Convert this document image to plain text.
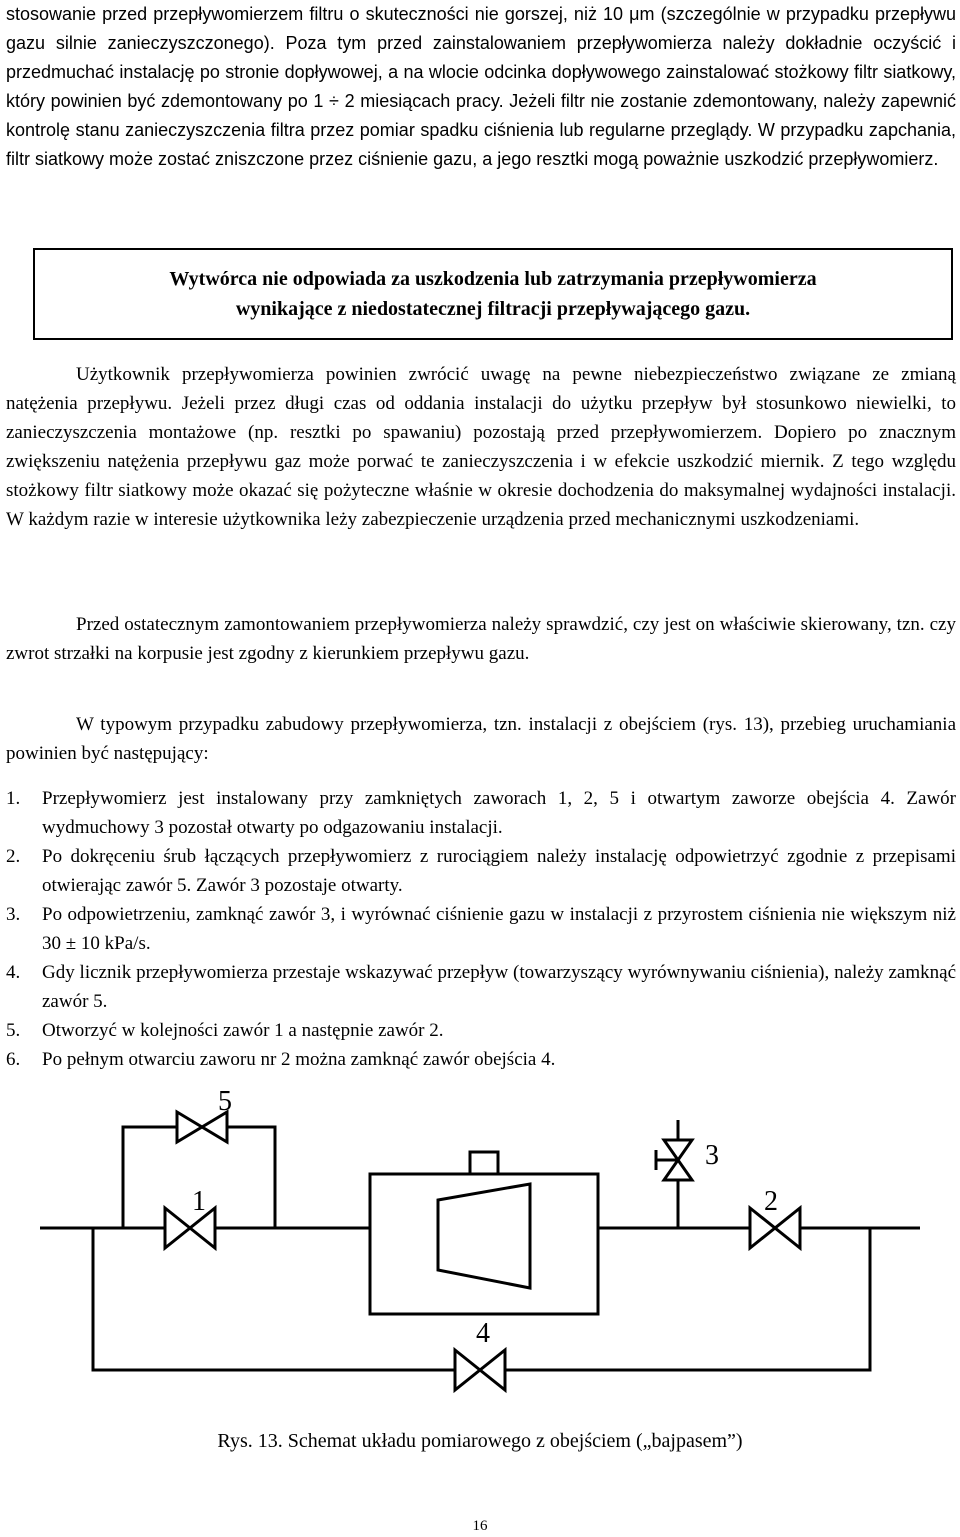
stosowanie przed przepływomierzem filtru o skuteczności nie gorszej, niż 10 μm (szczególnie w przypadku przepływu gazu silnie zanieczyszczonego). Poza tym przed zainstalowaniem przepływomierza należy dokładnie oczyścić i przedmuchać instalację po stronie dopływowej, a na wlocie odcinka dopływowego zainstalować stożkowy filtr siatkowy, który powinien być zdemontowany po 1 ÷ 2 miesiącach pracy. Jeżeli filtr nie zostanie zdemontowany, należy zapewnić kontrolę stanu zanieczyszczenia filtra przez pomiar spadku ciśnienia lub regularne przeglądy. W przypadku zapchania, filtr siatkowy może zostać zniszczone przez ciśnienie gazu, a jego resztki mogą poważnie uszkodzić przepływomierz.

Wytwórca nie odpowiada za uszkodzenia lub zatrzymania przepływomierza
wynikające z niedostatecznej filtracji przepływającego gazu.

Użytkownik przepływomierza powinien zwrócić uwagę na pewne niebezpieczeństwo związane ze zmianą natężenia przepływu. Jeżeli przez długi czas od oddania instalacji do użytku przepływ był stosunkowo niewielki, to zanieczyszczenia montażowe (np. resztki po spawaniu) pozostają przed przepływomierzem. Dopiero po znacznym zwiększeniu natężenia przepływu gaz może porwać te zanieczyszczenia i w efekcie uszkodzić miernik. Z tego względu stożkowy filtr siatkowy może okazać się pożyteczne właśnie w okresie dochodzenia do maksymalnej wydajności instalacji. W każdym razie w interesie użytkownika leży zabezpieczenie urządzenia przed mechanicznymi uszkodzeniami.

Przed ostatecznym zamontowaniem przepływomierza należy sprawdzić, czy jest on właściwie skierowany, tzn. czy zwrot strzałki na korpusie jest zgodny z kierunkiem przepływu gazu.

W typowym przypadku zabudowy przepływomierza, tzn. instalacji z obejściem (rys. 13), przebieg uruchamiania powinien być następujący:

1. Przepływomierz jest instalowany przy zamkniętych zaworach 1, 2, 5 i otwartym zaworze obejścia 4. Zawór wydmuchowy 3 pozostał otwarty po odgazowaniu instalacji.
2. Po dokręceniu śrub łączących przepływomierz z rurociągiem należy instalację odpowietrzyć zgodnie z przepisami otwierając zawór 5. Zawór 3 pozostaje otwarty.
3. Po odpowietrzeniu, zamknąć zawór 3, i wyrównać ciśnienie gazu w instalacji z przyrostem ciśnienia nie większym niż 30 ± 10 kPa/s.
4. Gdy licznik przepływomierza przestaje wskazywać przepływ (towarzyszący wyrównywaniu ciśnienia), należy zamknąć zawór 5.
5. Otworzyć w kolejności zawór 1 a następnie zawór 2.
6. Po pełnym otwarciu zaworu nr 2 można zamknąć zawór obejścia 4.
5
1
3
2
4
Rys. 13. Schemat układu pomiarowego z obejściem („bajpasem”)
16
